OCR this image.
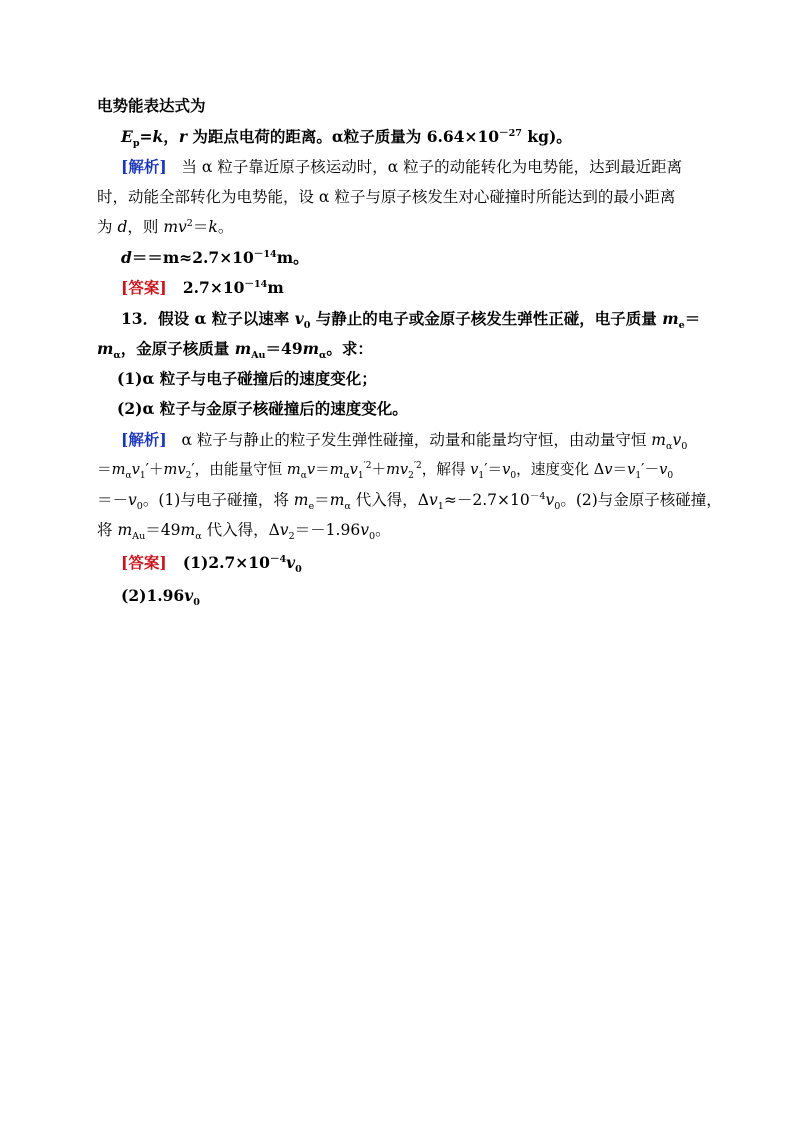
电势能表达式为
$E_p=k$，r 为距点电荷的距离。α粒子质量为 $6.64\times 10^{-27}$ kg)。
[解析] 当 α 粒子靠近原子核运动时，α 粒子的动能转化为电势能，达到最近距离
时，动能全部转化为电势能，设 α 粒子与原子核发生对心碰撞时所能达到的最小距离
为 d，则 $mv^2=k$。
$d==m\approx 2.7\times 10^{-14}m$。
[答案] $2.7\times 10^{-14}m$
13．假设 α 粒子以速率 $v_0$ 与静止的电子或金原子核发生弹性正碰，电子质量 $m_e=$
$m_\alpha$，金原子核质量 $m_{Au}=49m_\alpha$。求：
(1)α 粒子与电子碰撞后的速度变化；
(2)α 粒子与金原子核碰撞后的速度变化。
[解析] α 粒子与静止的粒子发生弹性碰撞，动量和能量均守恒，由动量守恒 $m_\alpha v_0$
$=m_\alpha v_1'+mv_2'$，由能量守恒 $m_\alpha v=m_\alpha v_1^{'2}+mv_2^{'2}$，解得 $v_1'=v_0$，速度变化 $\Delta v=v_1'-v_0$
$=-v_0$。(1)与电子碰撞，将 $m_e=m_\alpha$ 代入得，$\Delta v_1\approx-2.7\times 10^{-4}v_0$。(2)与金原子核碰撞，
将 $m_{Au}=49m_\alpha$ 代入得，$\Delta v_2=-1.96v_0$。
[答案] $(1)2.7\times 10^{-4}v_0$
$(2)1.96v_0$
